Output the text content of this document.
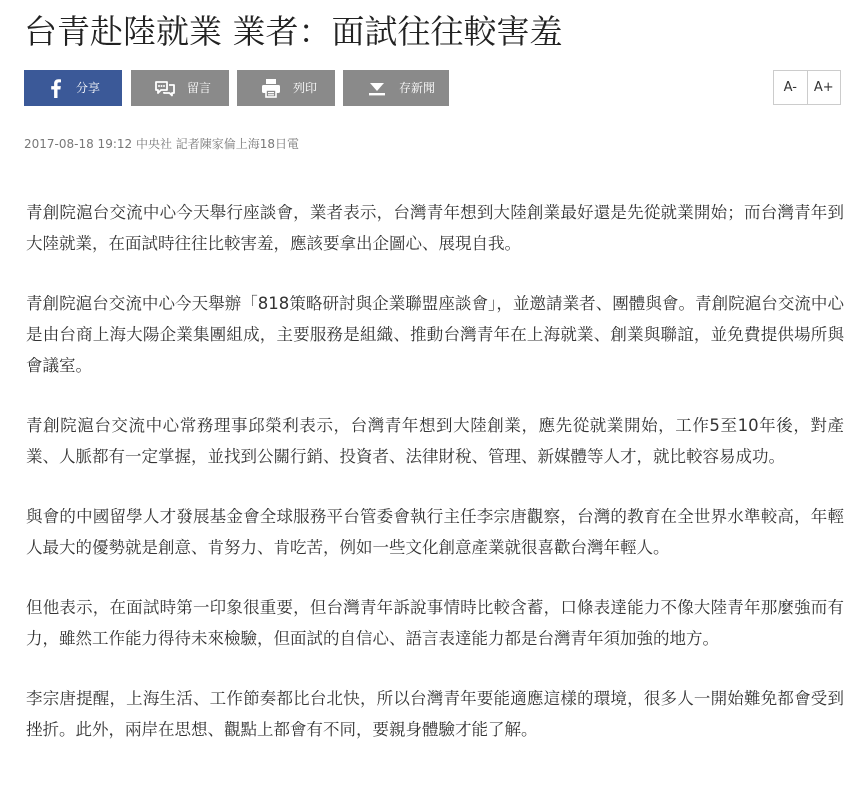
台青赴陸就業 業者：面試往往較害羞
分享	留言	列印	存新聞	A-	A+
2017-08-18 19:12 中央社 記者陳家倫上海18日電

青創院滬台交流中心今天舉行座談會，業者表示，台灣青年想到大陸創業最好還是先從就業開始；而台灣青年到大陸就業，在面試時往往比較害羞，應該要拿出企圖心、展現自我。

青創院滬台交流中心今天舉辦「818策略研討與企業聯盟座談會」，並邀請業者、團體與會。青創院滬台交流中心是由台商上海大陽企業集團組成，主要服務是組織、推動台灣青年在上海就業、創業與聯誼，並免費提供場所與會議室。

青創院滬台交流中心常務理事邱榮利表示，台灣青年想到大陸創業，應先從就業開始，工作5至10年後，對產業、人脈都有一定掌握，並找到公關行銷、投資者、法律財稅、管理、新媒體等人才，就比較容易成功。

與會的中國留學人才發展基金會全球服務平台管委會執行主任李宗唐觀察，台灣的教育在全世界水準較高，年輕人最大的優勢就是創意、肯努力、肯吃苦，例如一些文化創意產業就很喜歡台灣年輕人。

但他表示，在面試時第一印象很重要，但台灣青年訴說事情時比較含蓄，口條表達能力不像大陸青年那麼強而有力，雖然工作能力得待未來檢驗，但面試的自信心、語言表達能力都是台灣青年須加強的地方。

李宗唐提醒，上海生活、工作節奏都比台北快，所以台灣青年要能適應這樣的環境，很多人一開始難免都會受到挫折。此外，兩岸在思想、觀點上都會有不同，要親身體驗才能了解。
